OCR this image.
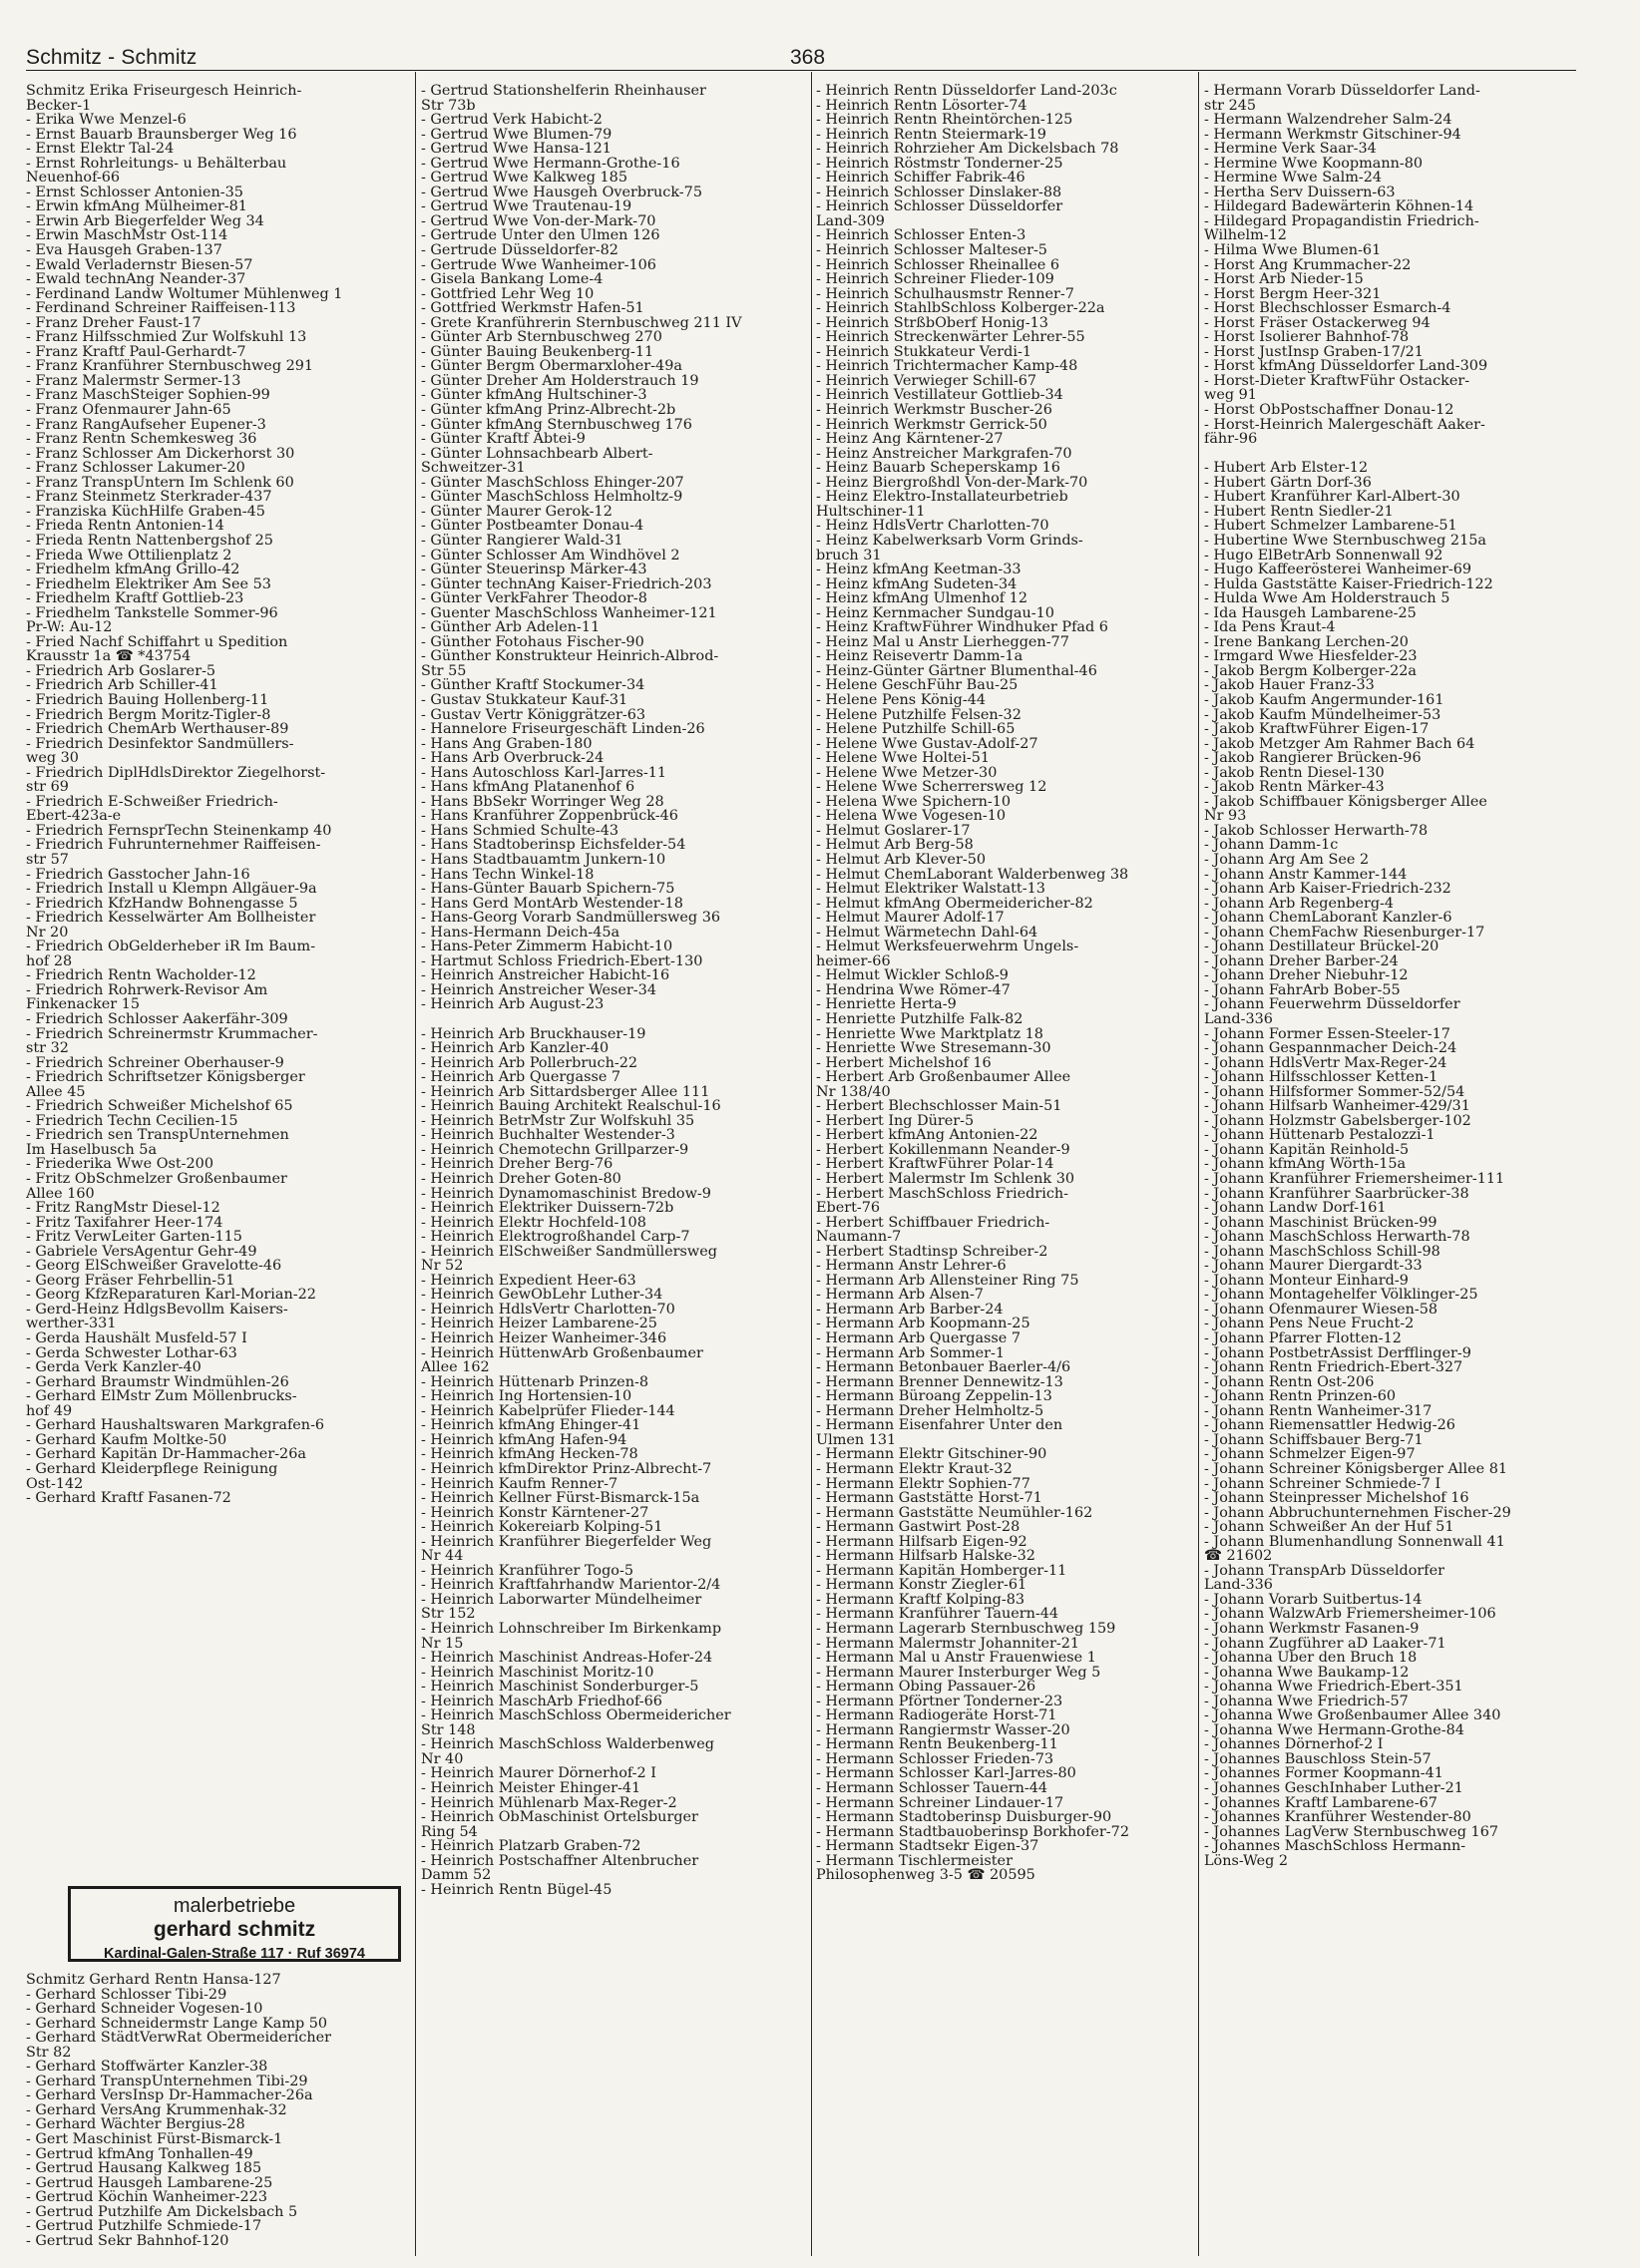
Schmitz - Schmitz	368
Schmitz Erika Friseurgesch Heinrich-
Becker-1
- Erika Wwe Menzel-6
- Ernst Bauarb Braunsberger Weg 16
- Ernst Elektr Tal-24
- Ernst Rohrleitungs- u Behälterbau
Neuenhof-66
- Ernst Schlosser Antonien-35
- Erwin kfmAng Mülheimer-81
- Erwin Arb Biegerfelder Weg 34
- Erwin MaschMstr Ost-114
- Eva Hausgeh Graben-137
- Ewald Verladernstr Biesen-57
- Ewald technAng Neander-37
- Ferdinand Landw Woltumer Mühlenweg 1
- Ferdinand Schreiner Raiffeisen-113
- Franz Dreher Faust-17
- Franz Hilfsschmied Zur Wolfskuhl 13
- Franz Kraftf Paul-Gerhardt-7
- Franz Kranführer Sternbuschweg 291
- Franz Malermstr Sermer-13
- Franz MaschSteiger Sophien-99
- Franz Ofenmaurer Jahn-65
- Franz RangAufseher Eupener-3
- Franz Rentn Schemkesweg 36
- Franz Schlosser Am Dickerhorst 30
- Franz Schlosser Lakumer-20
- Franz TranspUntern Im Schlenk 60
- Franz Steinmetz Sterkrader-437
- Franziska KüchHilfe Graben-45
- Frieda Rentn Antonien-14
- Frieda Rentn Nattenbergshof 25
- Frieda Wwe Ottilienplatz 2
- Friedhelm kfmAng Grillo-42
- Friedhelm Elektriker Am See 53
- Friedhelm Kraftf Gottlieb-23
- Friedhelm Tankstelle Sommer-96
Pr-W: Au-12
- Fried Nachf Schiffahrt u Spedition
Krausstr 1a ☎ *43754
- Friedrich Arb Goslarer-5
- Friedrich Arb Schiller-41
- Friedrich Bauing Hollenberg-11
- Friedrich Bergm Moritz-Tigler-8
- Friedrich ChemArb Werthauser-89
- Friedrich Desinfektor Sandmüllers-
weg 30
- Friedrich DiplHdlsDirektor Ziegelhorst-
str 69
- Friedrich E-Schweißer Friedrich-
Ebert-423a-e
- Friedrich FernsprTechn Steinenkamp 40
- Friedrich Fuhrunternehmer Raiffeisen-
str 57
- Friedrich Gasstocher Jahn-16
- Friedrich Install u Klempn Allgäuer-9a
- Friedrich KfzHandw Bohnengasse 5
- Friedrich Kesselwärter Am Bollheister
Nr 20
- Friedrich ObGelderheber iR Im Baum-
hof 28
- Friedrich Rentn Wacholder-12
- Friedrich Rohrwerk-Revisor Am
Finkenacker 15
- Friedrich Schlosser Aakerfähr-309
- Friedrich Schreinermstr Krummacher-
str 32
- Friedrich Schreiner Oberhauser-9
- Friedrich Schriftsetzer Königsberger
Allee 45
- Friedrich Schweißer Michelshof 65
- Friedrich Techn Cecilien-15
- Friedrich sen TranspUnternehmen
Im Haselbusch 5a
- Friederika Wwe Ost-200
- Fritz ObSchmelzer Großenbaumer
Allee 160
- Fritz RangMstr Diesel-12
- Fritz Taxifahrer Heer-174
- Fritz VerwLeiter Garten-115
- Gabriele VersAgentur Gehr-49
- Georg ElSchweißer Gravelotte-46
- Georg Fräser Fehrbellin-51
- Georg KfzReparaturen Karl-Morian-22
- Gerd-Heinz HdlgsBevollm Kaisers-
werther-331
- Gerda Haushält Musfeld-57 I
- Gerda Schwester Lothar-63
- Gerda Verk Kanzler-40
- Gerhard Braumstr Windmühlen-26
- Gerhard ElMstr Zum Möllenbrucks-
hof 49
- Gerhard Haushaltswaren Markgrafen-6
- Gerhard Kaufm Moltke-50
- Gerhard Kapitän Dr-Hammacher-26a
- Gerhard Kleiderpflege Reinigung
Ost-142
- Gerhard Kraftf Fasanen-72
- Gertrud Stationshelferin Rheinhauser
Str 73b
- Gertrud Verk Habicht-2
- Gertrud Wwe Blumen-79
- Gertrud Wwe Hansa-121
- Gertrud Wwe Hermann-Grothe-16
- Gertrud Wwe Kalkweg 185
- Gertrud Wwe Hausgeh Overbruck-75
- Gertrud Wwe Trautenau-19
- Gertrud Wwe Von-der-Mark-70
- Gertrude Unter den Ulmen 126
- Gertrude Düsseldorfer-82
- Gertrude Wwe Wanheimer-106
- Gisela Bankang Lome-4
- Gottfried Lehr Weg 10
- Gottfried Werkmstr Hafen-51
- Grete Kranführerin Sternbuschweg 211 IV
- Günter Arb Sternbuschweg 270
- Günter Bauing Beukenberg-11
- Günter Bergm Obermarxloher-49a
- Günter Dreher Am Holderstrauch 19
- Günter kfmAng Hultschiner-3
- Günter kfmAng Prinz-Albrecht-2b
- Günter kfmAng Sternbuschweg 176
- Günter Kraftf Abtei-9
- Günter Lohnsachbearb Albert-
Schweitzer-31
- Günter MaschSchloss Ehinger-207
- Günter MaschSchloss Helmholtz-9
- Günter Maurer Gerok-12
- Günter Postbeamter Donau-4
- Günter Rangierer Wald-31
- Günter Schlosser Am Windhövel 2
- Günter Steuerinsp Märker-43
- Günter technAng Kaiser-Friedrich-203
- Günter VerkFahrer Theodor-8
- Guenter MaschSchloss Wanheimer-121
- Günther Arb Adelen-11
- Günther Fotohaus Fischer-90
- Günther Konstrukteur Heinrich-Albrod-
Str 55
- Günther Kraftf Stockumer-34
- Gustav Stukkateur Kauf-31
- Gustav Vertr Königgrätzer-63
- Hannelore Friseurgeschäft Linden-26
- Hans Ang Graben-180
- Hans Arb Overbruck-24
- Hans Autoschloss Karl-Jarres-11
- Hans kfmAng Platanenhof 6
- Hans BbSekr Worringer Weg 28
- Hans Kranführer Zoppenbrück-46
- Hans Schmied Schulte-43
- Hans Stadtoberinsp Eichsfelder-54
- Hans Stadtbauamtm Junkern-10
- Hans Techn Winkel-18
- Hans-Günter Bauarb Spichern-75
- Hans Gerd MontArb Westender-18
- Hans-Georg Vorarb Sandmüllersweg 36
- Hans-Hermann Deich-45a
- Hans-Peter Zimmerm Habicht-10
- Hartmut Schloss Friedrich-Ebert-130
- Heinrich Anstreicher Habicht-16
- Heinrich Anstreicher Weser-34
- Heinrich Arb August-23

- Heinrich Arb Bruckhauser-19
- Heinrich Arb Kanzler-40
- Heinrich Arb Pollerbruch-22
- Heinrich Arb Quergasse 7
- Heinrich Arb Sittardsberger Allee 111
- Heinrich Bauing Architekt Realschul-16
- Heinrich BetrMstr Zur Wolfskuhl 35
- Heinrich Buchhalter Westender-3
- Heinrich Chemotechn Grillparzer-9
- Heinrich Dreher Berg-76
- Heinrich Dreher Goten-80
- Heinrich Dynamomaschinist Bredow-9
- Heinrich Elektriker Duissern-72b
- Heinrich Elektr Hochfeld-108
- Heinrich Elektrogroßhandel Carp-7
- Heinrich ElSchweißer Sandmüllersweg
Nr 52
- Heinrich Expedient Heer-63
- Heinrich GewObLehr Luther-34
- Heinrich HdlsVertr Charlotten-70
- Heinrich Heizer Lambarene-25
- Heinrich Heizer Wanheimer-346
- Heinrich HüttenwArb Großenbaumer
Allee 162
- Heinrich Hüttenarb Prinzen-8
- Heinrich Ing Hortensien-10
- Heinrich Kabelprüfer Flieder-144
- Heinrich kfmAng Ehinger-41
- Heinrich kfmAng Hafen-94
- Heinrich kfmAng Hecken-78
- Heinrich kfmDirektor Prinz-Albrecht-7
- Heinrich Kaufm Renner-7
- Heinrich Kellner Fürst-Bismarck-15a
- Heinrich Konstr Kärntener-27
- Heinrich Kokereiarb Kolping-51
- Heinrich Kranführer Biegerfelder Weg
Nr 44
- Heinrich Kranführer Togo-5
- Heinrich Kraftfahrhandw Marientor-2/4
- Heinrich Laborwarter Mündelheimer
Str 152
- Heinrich Lohnschreiber Im Birkenkamp
Nr 15
- Heinrich Maschinist Andreas-Hofer-24
- Heinrich Maschinist Moritz-10
- Heinrich Maschinist Sonderburger-5
- Heinrich MaschArb Friedhof-66
- Heinrich MaschSchloss Obermeidericher
Str 148
- Heinrich MaschSchloss Walderbenweg
Nr 40
- Heinrich Maurer Dörnerhof-2 I
- Heinrich Meister Ehinger-41
- Heinrich Mühlenarb Max-Reger-2
- Heinrich ObMaschinist Ortelsburger
Ring 54
- Heinrich Platzarb Graben-72
- Heinrich Postschaffner Altenbrucher
Damm 52
- Heinrich Rentn Bügel-45
- Heinrich Rentn Düsseldorfer Land-203c
- Heinrich Rentn Lösorter-74
- Heinrich Rentn Rheintörchen-125
- Heinrich Rentn Steiermark-19
- Heinrich Rohrzieher Am Dickelsbach 78
- Heinrich Röstmstr Tonderner-25
- Heinrich Schiffer Fabrik-46
- Heinrich Schlosser Dinslaker-88
- Heinrich Schlosser Düsseldorfer
Land-309
- Heinrich Schlosser Enten-3
- Heinrich Schlosser Malteser-5
- Heinrich Schlosser Rheinallee 6
- Heinrich Schreiner Flieder-109
- Heinrich Schulhausmstr Renner-7
- Heinrich StahlbSchloss Kolberger-22a
- Heinrich StrßbOberf Honig-13
- Heinrich Streckenwärter Lehrer-55
- Heinrich Stukkateur Verdi-1
- Heinrich Trichtermacher Kamp-48
- Heinrich Verwieger Schill-67
- Heinrich Vestillateur Gottlieb-34
- Heinrich Werkmstr Buscher-26
- Heinrich Werkmstr Gerrick-50
- Heinz Ang Kärntener-27
- Heinz Anstreicher Markgrafen-70
- Heinz Bauarb Scheperskamp 16
- Heinz Biergroßhdl Von-der-Mark-70
- Heinz Elektro-Installateurbetrieb
Hultschiner-11
- Heinz HdlsVertr Charlotten-70
- Heinz Kabelwerksarb Vorm Grinds-
bruch 31
- Heinz kfmAng Keetman-33
- Heinz kfmAng Sudeten-34
- Heinz kfmAng Ulmenhof 12
- Heinz Kernmacher Sundgau-10
- Heinz KraftwFührer Windhuker Pfad 6
- Heinz Mal u Anstr Lierheggen-77
- Heinz Reisevertr Damm-1a
- Heinz-Günter Gärtner Blumenthal-46
- Helene GeschFühr Bau-25
- Helene Pens König-44
- Helene Putzhilfe Felsen-32
- Helene Putzhilfe Schill-65
- Helene Wwe Gustav-Adolf-27
- Helene Wwe Holtei-51
- Helene Wwe Metzer-30
- Helene Wwe Scherrersweg 12
- Helena Wwe Spichern-10
- Helena Wwe Vogesen-10
- Helmut Goslarer-17
- Helmut Arb Berg-58
- Helmut Arb Klever-50
- Helmut ChemLaborant Walderbenweg 38
- Helmut Elektriker Walstatt-13
- Helmut kfmAng Obermeidericher-82
- Helmut Maurer Adolf-17
- Helmut Wärmetechn Dahl-64
- Helmut Werksfeuerwehrm Ungels-
heimer-66
- Helmut Wickler Schloß-9
- Hendrina Wwe Römer-47
- Henriette Herta-9
- Henriette Putzhilfe Falk-82
- Henriette Wwe Marktplatz 18
- Henriette Wwe Stresemann-30
- Herbert Michelshof 16
- Herbert Arb Großenbaumer Allee
Nr 138/40
- Herbert Blechschlosser Main-51
- Herbert Ing Dürer-5
- Herbert kfmAng Antonien-22
- Herbert Kokillenmann Neander-9
- Herbert KraftwFührer Polar-14
- Herbert Malermstr Im Schlenk 30
- Herbert MaschSchloss Friedrich-
Ebert-76
- Herbert Schiffbauer Friedrich-
Naumann-7
- Herbert Stadtinsp Schreiber-2
- Hermann Anstr Lehrer-6
- Hermann Arb Allensteiner Ring 75
- Hermann Arb Alsen-7
- Hermann Arb Barber-24
- Hermann Arb Koopmann-25
- Hermann Arb Quergasse 7
- Hermann Arb Sommer-1
- Hermann Betonbauer Baerler-4/6
- Hermann Brenner Dennewitz-13
- Hermann Büroang Zeppelin-13
- Hermann Dreher Helmholtz-5
- Hermann Eisenfahrer Unter den
Ulmen 131
- Hermann Elektr Gitschiner-90
- Hermann Elektr Kraut-32
- Hermann Elektr Sophien-77
- Hermann Gaststätte Horst-71
- Hermann Gaststätte Neumühler-162
- Hermann Gastwirt Post-28
- Hermann Hilfsarb Eigen-92
- Hermann Hilfsarb Halske-32
- Hermann Kapitän Homberger-11
- Hermann Konstr Ziegler-61
- Hermann Kraftf Kolping-83
- Hermann Kranführer Tauern-44
- Hermann Lagerarb Sternbuschweg 159
- Hermann Malermstr Johanniter-21
- Hermann Mal u Anstr Frauenwiese 1
- Hermann Maurer Insterburger Weg 5
- Hermann Obing Passauer-26
- Hermann Pförtner Tonderner-23
- Hermann Radiogeräte Horst-71
- Hermann Rangiermstr Wasser-20
- Hermann Rentn Beukenberg-11
- Hermann Schlosser Frieden-73
- Hermann Schlosser Karl-Jarres-80
- Hermann Schlosser Tauern-44
- Hermann Schreiner Lindauer-17
- Hermann Stadtoberinsp Duisburger-90
- Hermann Stadtbauoberinsp Borkhofer-72
- Hermann Stadtsekr Eigen-37
- Hermann Tischlermeister
Philosophenweg 3-5 ☎ 20595
- Hermann Vorarb Düsseldorfer Land-
str 245
- Hermann Walzendreher Salm-24
- Hermann Werkmstr Gitschiner-94
- Hermine Verk Saar-34
- Hermine Wwe Koopmann-80
- Hermine Wwe Salm-24
- Hertha Serv Duissern-63
- Hildegard Badewärterin Köhnen-14
- Hildegard Propagandistin Friedrich-
Wilhelm-12
- Hilma Wwe Blumen-61
- Horst Ang Krummacher-22
- Horst Arb Nieder-15
- Horst Bergm Heer-321
- Horst Blechschlosser Esmarch-4
- Horst Fräser Ostackerweg 94
- Horst Isolierer Bahnhof-78
- Horst JustInsp Graben-17/21
- Horst kfmAng Düsseldorfer Land-309
- Horst-Dieter KraftwFühr Ostacker-
weg 91
- Horst ObPostschaffner Donau-12
- Horst-Heinrich Malergeschäft Aaker-
fähr-96

- Hubert Arb Elster-12
- Hubert Gärtn Dorf-36
- Hubert Kranführer Karl-Albert-30
- Hubert Rentn Siedler-21
- Hubert Schmelzer Lambarene-51
- Hubertine Wwe Sternbuschweg 215a
- Hugo ElBetrArb Sonnenwall 92
- Hugo Kaffeerösterei Wanheimer-69
- Hulda Gaststätte Kaiser-Friedrich-122
- Hulda Wwe Am Holderstrauch 5
- Ida Hausgeh Lambarene-25
- Ida Pens Kraut-4
- Irene Bankang Lerchen-20
- Irmgard Wwe Hiesfelder-23
- Jakob Bergm Kolberger-22a
- Jakob Hauer Franz-33
- Jakob Kaufm Angermunder-161
- Jakob Kaufm Mündelheimer-53
- Jakob KraftwFührer Eigen-17
- Jakob Metzger Am Rahmer Bach 64
- Jakob Rangierer Brücken-96
- Jakob Rentn Diesel-130
- Jakob Rentn Märker-43
- Jakob Schiffbauer Königsberger Allee
Nr 93
- Jakob Schlosser Herwarth-78
- Johann Damm-1c
- Johann Arg Am See 2
- Johann Anstr Kammer-144
- Johann Arb Kaiser-Friedrich-232
- Johann Arb Regenberg-4
- Johann ChemLaborant Kanzler-6
- Johann ChemFachw Riesenburger-17
- Johann Destillateur Brückel-20
- Johann Dreher Barber-24
- Johann Dreher Niebuhr-12
- Johann FahrArb Bober-55
- Johann Feuerwehrm Düsseldorfer
Land-336
- Johann Former Essen-Steeler-17
- Johann Gespannmacher Deich-24
- Johann HdlsVertr Max-Reger-24
- Johann Hilfsschlosser Ketten-1
- Johann Hilfsformer Sommer-52/54
- Johann Hilfsarb Wanheimer-429/31
- Johann Holzmstr Gabelsberger-102
- Johann Hüttenarb Pestalozzi-1
- Johann Kapitän Reinhold-5
- Johann kfmAng Wörth-15a
- Johann Kranführer Friemersheimer-111
- Johann Kranführer Saarbrücker-38
- Johann Landw Dorf-161
- Johann Maschinist Brücken-99
- Johann MaschSchloss Herwarth-78
- Johann MaschSchloss Schill-98
- Johann Maurer Diergardt-33
- Johann Monteur Einhard-9
- Johann Montagehelfer Völklinger-25
- Johann Ofenmaurer Wiesen-58
- Johann Pens Neue Frucht-2
- Johann Pfarrer Flotten-12
- Johann PostbetrAssist Derfflinger-9
- Johann Rentn Friedrich-Ebert-327
- Johann Rentn Ost-206
- Johann Rentn Prinzen-60
- Johann Rentn Wanheimer-317
- Johann Riemensattler Hedwig-26
- Johann Schiffsbauer Berg-71
- Johann Schmelzer Eigen-97
- Johann Schreiner Königsberger Allee 81
- Johann Schreiner Schmiede-7 I
- Johann Steinpresser Michelshof 16
- Johann Abbruchunternehmen Fischer-29
- Johann Schweißer An der Huf 51
- Johann Blumenhandlung Sonnenwall 41
☎ 21602
- Johann TranspArb Düsseldorfer
Land-336
- Johann Vorarb Suitbertus-14
- Johann WalzwArb Friemersheimer-106
- Johann Werkmstr Fasanen-9
- Johann Zugführer aD Laaker-71
- Johanna Über den Bruch 18
- Johanna Wwe Baukamp-12
- Johanna Wwe Friedrich-Ebert-351
- Johanna Wwe Friedrich-57
- Johanna Wwe Großenbaumer Allee 340
- Johanna Wwe Hermann-Grothe-84
- Johannes Dörnerhof-2 I
- Johannes Bauschloss Stein-57
- Johannes Former Koopmann-41
- Johannes GeschInhaber Luther-21
- Johannes Kraftf Lambarene-67
- Johannes Kranführer Westender-80
- Johannes LagVerw Sternbuschweg 167
- Johannes MaschSchloss Hermann-
Löns-Weg 2
malerbetriebe
gerhard schmitz
Kardinal-Galen-Straße 117 · Ruf 36974
Schmitz Gerhard Rentn Hansa-127
- Gerhard Schlosser Tibi-29
- Gerhard Schneider Vogesen-10
- Gerhard Schneidermstr Lange Kamp 50
- Gerhard StädtVerwRat Obermeidericher
Str 82
- Gerhard Stoffwärter Kanzler-38
- Gerhard TranspUnternehmen Tibi-29
- Gerhard VersInsp Dr-Hammacher-26a
- Gerhard VersAng Krummenhak-32
- Gerhard Wächter Bergius-28
- Gert Maschinist Fürst-Bismarck-1
- Gertrud kfmAng Tonhallen-49
- Gertrud Hausang Kalkweg 185
- Gertrud Hausgeh Lambarene-25
- Gertrud Köchin Wanheimer-223
- Gertrud Putzhilfe Am Dickelsbach 5
- Gertrud Putzhilfe Schmiede-17
- Gertrud Sekr Bahnhof-120
